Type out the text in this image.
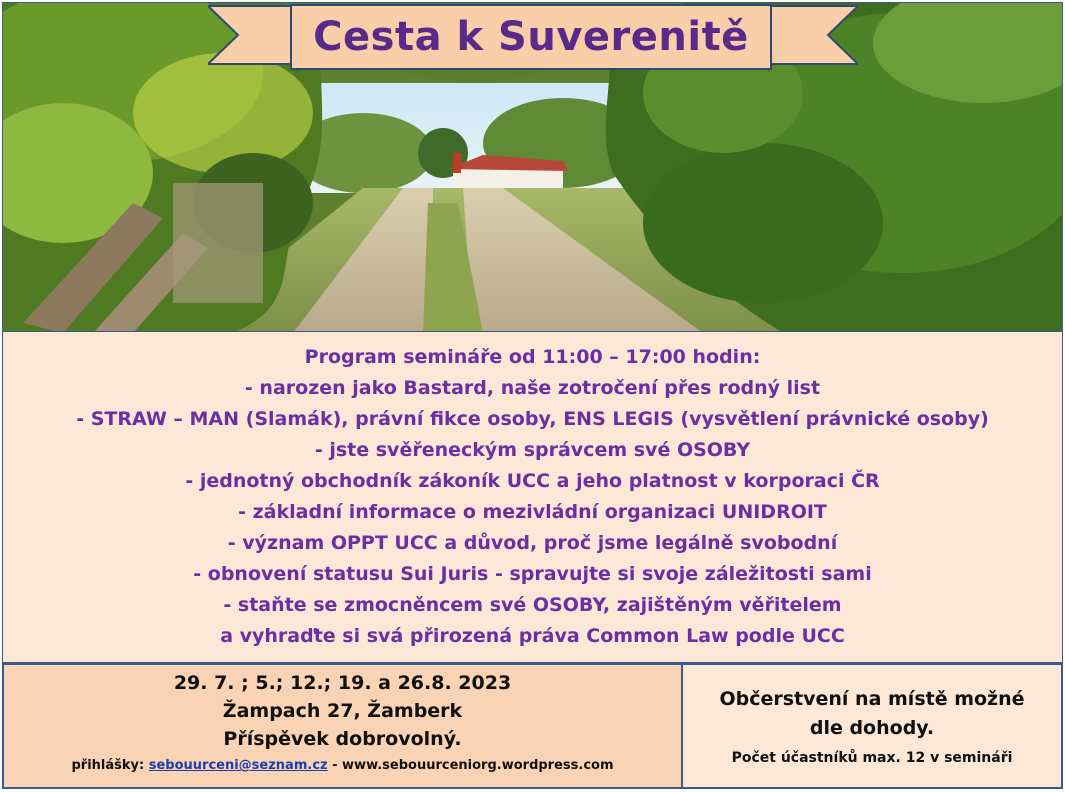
Cesta k Suverenitě
Program semináře od 11:00 – 17:00 hodin:
- narozen jako Bastard, naše zotročení přes rodný list
- STRAW – MAN (Slamák), právní fikce osoby, ENS LEGIS (vysvětlení právnické osoby)
- jste svěřeneckým správcem své OSOBY
- jednotný obchodník zákoník UCC a jeho platnost v korporaci ČR
- základní informace o mezivládní organizaci UNIDROIT
- význam OPPT UCC a důvod, proč jsme legálně svobodní
- obnovení statusu Sui Juris - spravujte si svoje záležitosti sami
- staňte se zmocněncem své OSOBY, zajištěným věřitelem
a vyhraďte si svá přirozená práva Common Law podle UCC
29. 7. ; 5.; 12.; 19. a 26.8. 2023
Žampach 27, Žamberk
Příspěvek dobrovolný.
přihlášky: sebouurceni@seznam.cz - www.sebouurceniorg.wordpress.com
Občerstvení na místě možné
dle dohody.
Počet účastníků max. 12 v semináři
